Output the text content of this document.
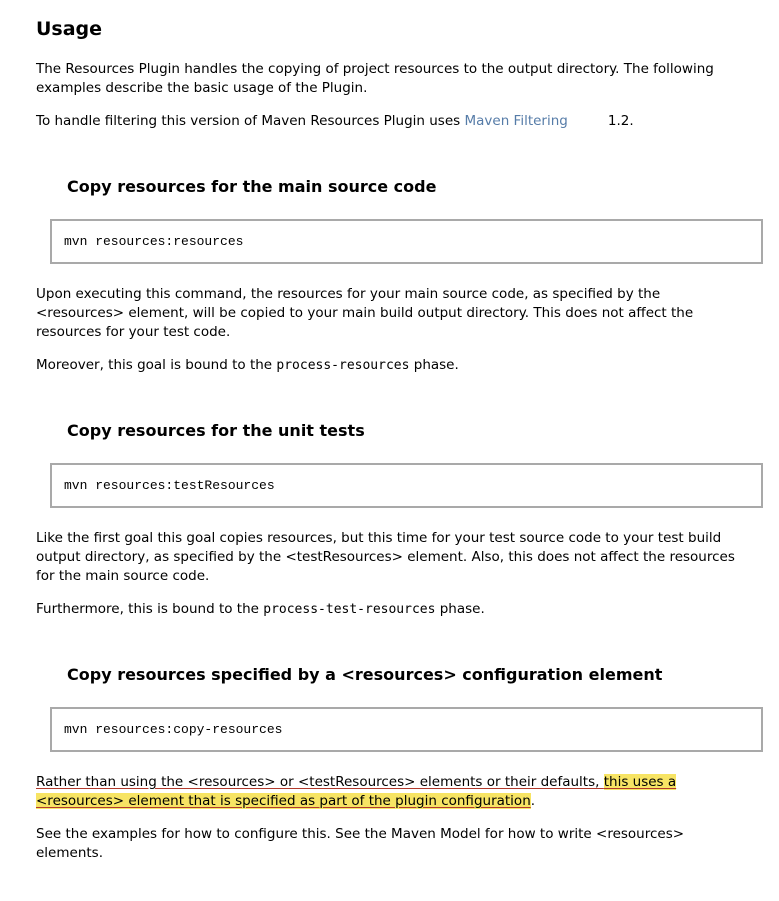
Usage

The Resources Plugin handles the copying of project resources to the output directory. The following examples describe the basic usage of the Plugin.

To handle filtering this version of Maven Resources Plugin uses Maven Filtering	1.2.

Copy resources for the main source code
mvn resources:resources

Upon executing this command, the resources for your main source code, as specified by the <resources> element, will be copied to your main build output directory. This does not affect the resources for your test code.

Moreover, this goal is bound to the process-resources phase.

Copy resources for the unit tests
mvn resources:testResources

Like the first goal this goal copies resources, but this time for your test source code to your test build output directory, as specified by the <testResources> element. Also, this does not affect the resources for the main source code.

Furthermore, this is bound to the process-test-resources phase.

Copy resources specified by a <resources> configuration element
mvn resources:copy-resources

Rather than using the <resources> or <testResources> elements or their defaults, this uses a <resources> element that is specified as part of the plugin configuration.

See the examples for how to configure this. See the Maven Model for how to write <resources> elements.
